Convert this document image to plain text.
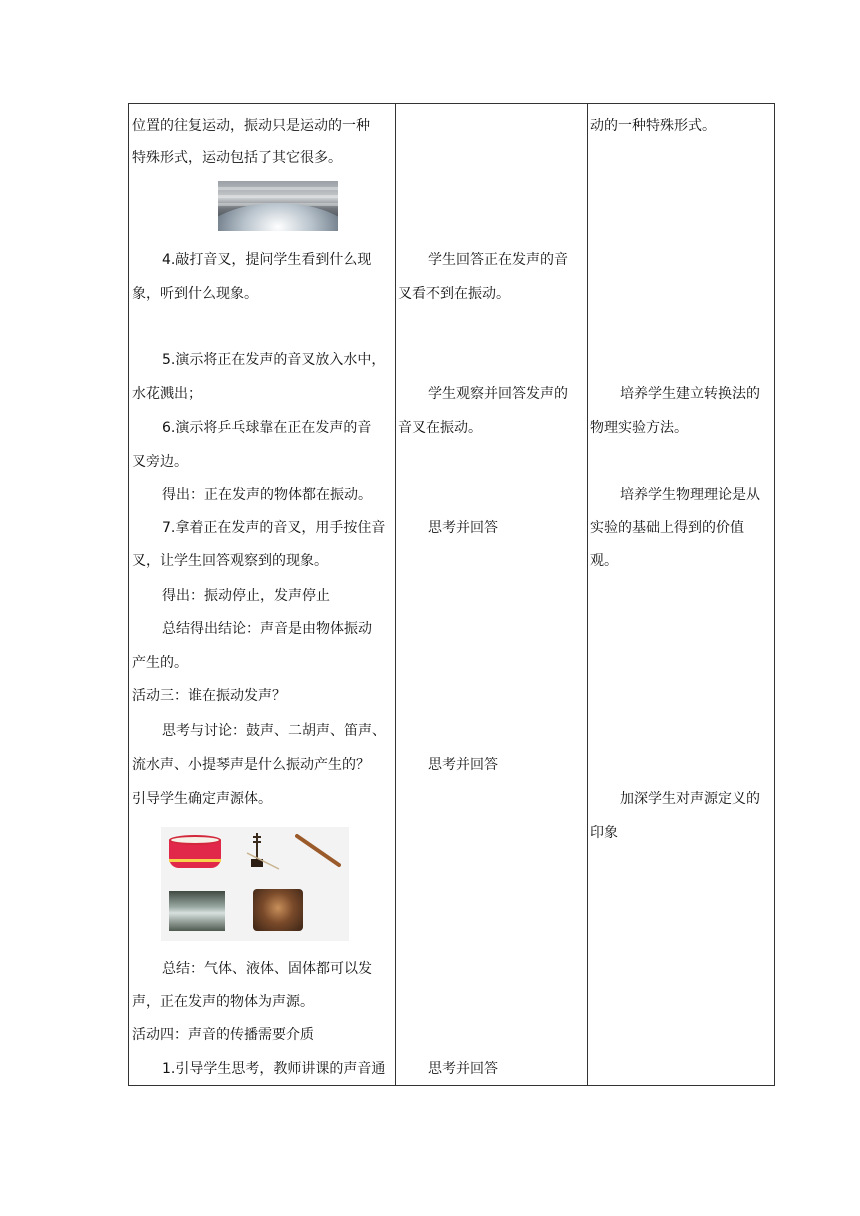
位置的往复运动，振动只是运动的一种
特殊形式，运动包括了其它很多。
4.敲打音叉，提问学生看到什么现
象，听到什么现象。
5.演示将正在发声的音叉放入水中，
水花溅出；
6.演示将乒乓球靠在正在发声的音
叉旁边。
得出：正在发声的物体都在振动。
7.拿着正在发声的音叉，用手按住音
叉，让学生回答观察到的现象。
得出：振动停止，发声停止
总结得出结论：声音是由物体振动
产生的。
活动三：谁在振动发声？
思考与讨论：鼓声、二胡声、笛声、
流水声、小提琴声是什么振动产生的？
引导学生确定声源体。
总结：气体、液体、固体都可以发
声，正在发声的物体为声源。
活动四：声音的传播需要介质
1.引导学生思考，教师讲课的声音通
学生回答正在发声的音
叉看不到在振动。
学生观察并回答发声的
音叉在振动。
思考并回答
思考并回答
思考并回答
动的一种特殊形式。
培养学生建立转换法的
物理实验方法。
培养学生物理理论是从
实验的基础上得到的价值
观。
加深学生对声源定义的
印象
